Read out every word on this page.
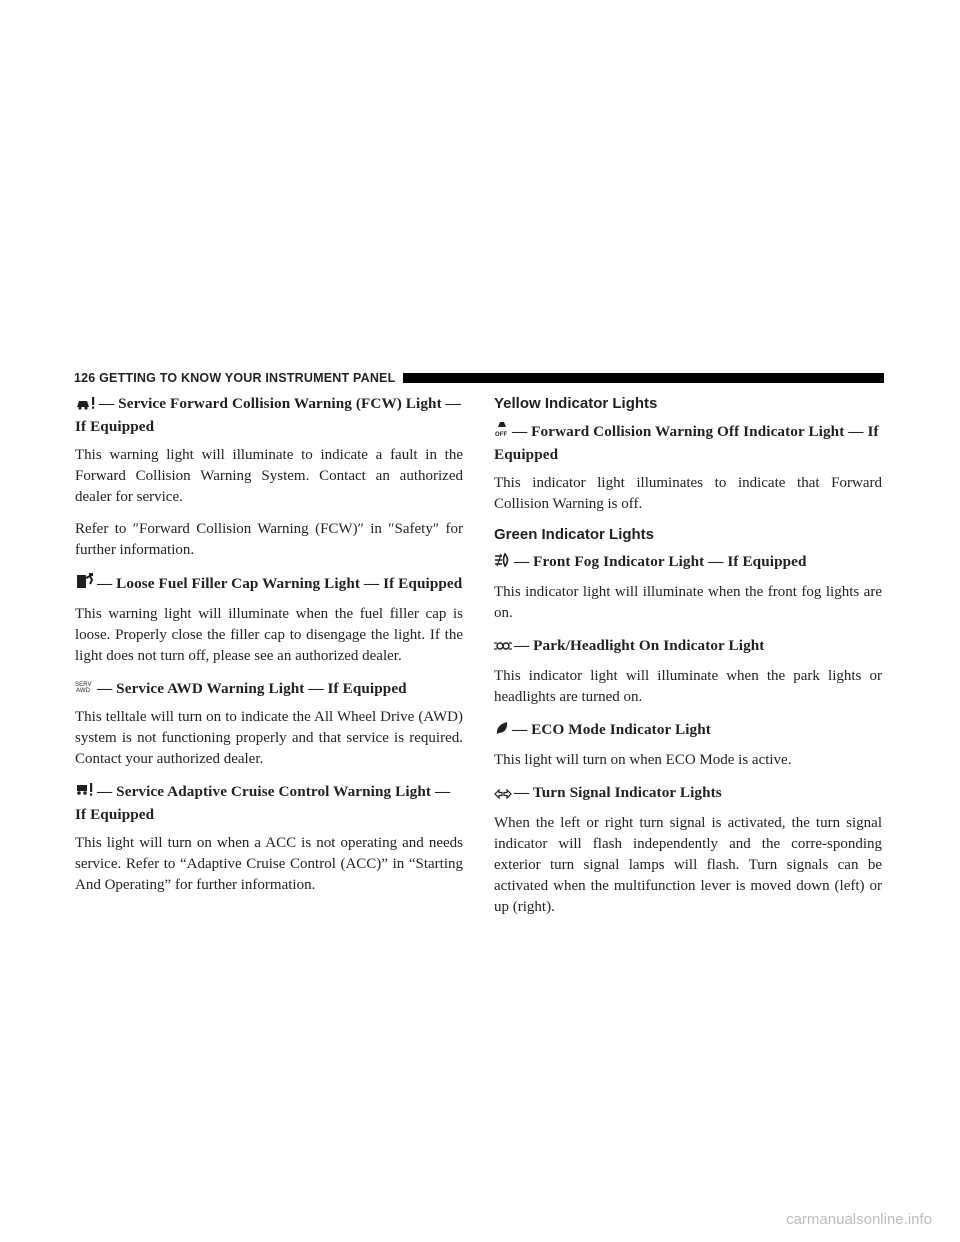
126 GETTING TO KNOW YOUR INSTRUMENT PANEL
— Service Forward Collision Warning (FCW) Light — If Equipped
This warning light will illuminate to indicate a fault in the Forward Collision Warning System. Contact an authorized dealer for service.
Refer to ″Forward Collision Warning (FCW)″ in ″Safety″ for further information.
— Loose Fuel Filler Cap Warning Light — If Equipped
This warning light will illuminate when the fuel filler cap is loose. Properly close the filler cap to disengage the light. If the light does not turn off, please see an authorized dealer.
SERV
AWD — Service AWD Warning Light — If Equipped
This telltale will turn on to indicate the All Wheel Drive (AWD) system is not functioning properly and that service is required. Contact your authorized dealer.
— Service Adaptive Cruise Control Warning Light — If Equipped
This light will turn on when a ACC is not operating and needs service. Refer to “Adaptive Cruise Control (ACC)” in “Starting And Operating” for further information.
Yellow Indicator Lights
OFF — Forward Collision Warning Off Indicator Light — If Equipped
This indicator light illuminates to indicate that Forward Collision Warning is off.
Green Indicator Lights
— Front Fog Indicator Light — If Equipped
This indicator light will illuminate when the front fog lights are on.
— Park/Headlight On Indicator Light
This indicator light will illuminate when the park lights or headlights are turned on.
— ECO Mode Indicator Light
This light will turn on when ECO Mode is active.
— Turn Signal Indicator Lights
When the left or right turn signal is activated, the turn signal indicator will flash independently and the corre-sponding exterior turn signal lamps will flash. Turn signals can be activated when the multifunction lever is moved down (left) or up (right).
carmanualsonline.info
